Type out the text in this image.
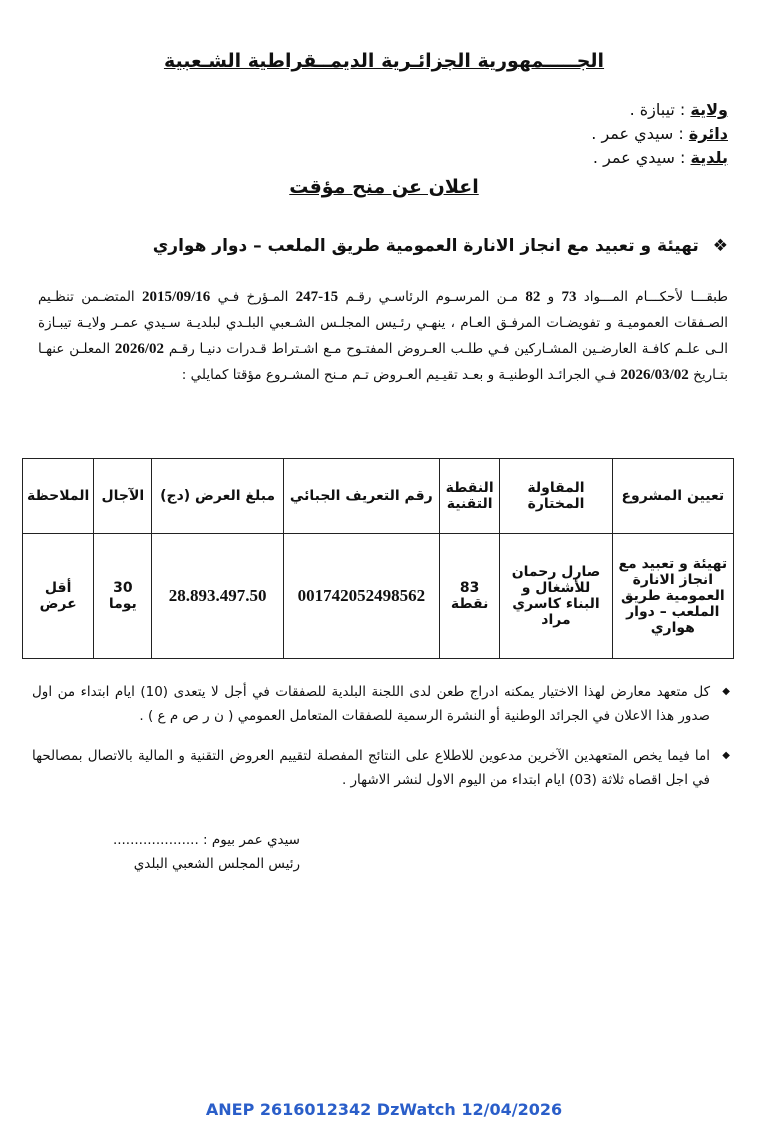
الجـــــمهورية الجزائـرية الديمــقراطية الشـعبية
ولاية : تيبازة .
دائرة : سيدي عمر .
بلدية : سيدي عمر .
اعلان عن منح مؤقت
❖ تهيئة و تعبيد مع انجاز الانارة العمومية طريق الملعب – دوار هواري
طبقـــا لأحكـــام المـــواد 73 و 82 مـن المرسـوم الرئاسـي رقـم 15-247 المـؤرخ فـي 2015/09/16 المتضـمن تنظـيم الصـفقات العموميـة و تفويضـات المرفـق العـام ، ينهـي رئـيس المجلـس الشـعبي البلـدي لبلديـة سـيدي عمـر ولايـة تيبـازة الـى علـم كافـة العارضـين المشـاركين فـي طلـب العـروض المفتـوح مـع اشـتراط قـدرات دنيـا رقـم 2026/02 المعلـن عنهـا بتـاريخ 2026/03/02 فـي الجرائـد الوطنيـة و بعـد تقيـيم العـروض تـم مـنح المشـروع مؤقتا كمايلي :
تعيين المشروع	المقاولة المختارة	النقطة التقنية	رقم التعريف الجبائي	مبلغ العرض (دج)	الآجال	الملاحظة
تهيئة و تعبيد مع انجاز الانارة العمومية طريق الملعب – دوار هواري	صارل رحمان للأشغال و البناء كاسري مراد	83 نقطة	001742052498562	28.893.497.50	30 يوما	أقل عرض
◆
كل متعهد معارض لهذا الاختيار يمكنه ادراج طعن لدى اللجنة البلدية للصفقات في أجل لا يتعدى (10) ايام ابتداء من اول صدور هذا الاعلان في الجرائد الوطنية أو النشرة الرسمية للصفقات المتعامل العمومي ( ن ر ص م ع ) .
◆
اما فيما يخص المتعهدين الآخرين مدعوين للاطلاع على النتائج المفصلة لتقييم العروض التقنية و المالية بالاتصال بمصالحها في اجل اقصاه ثلاثة (03) ايام ابتداء من اليوم الاول لنشر الاشهار .
سيدي عمر بيوم : ....................
رئيس المجلس الشعبي البلدي
ANEP 2616012342 DzWatch 12/04/2026
